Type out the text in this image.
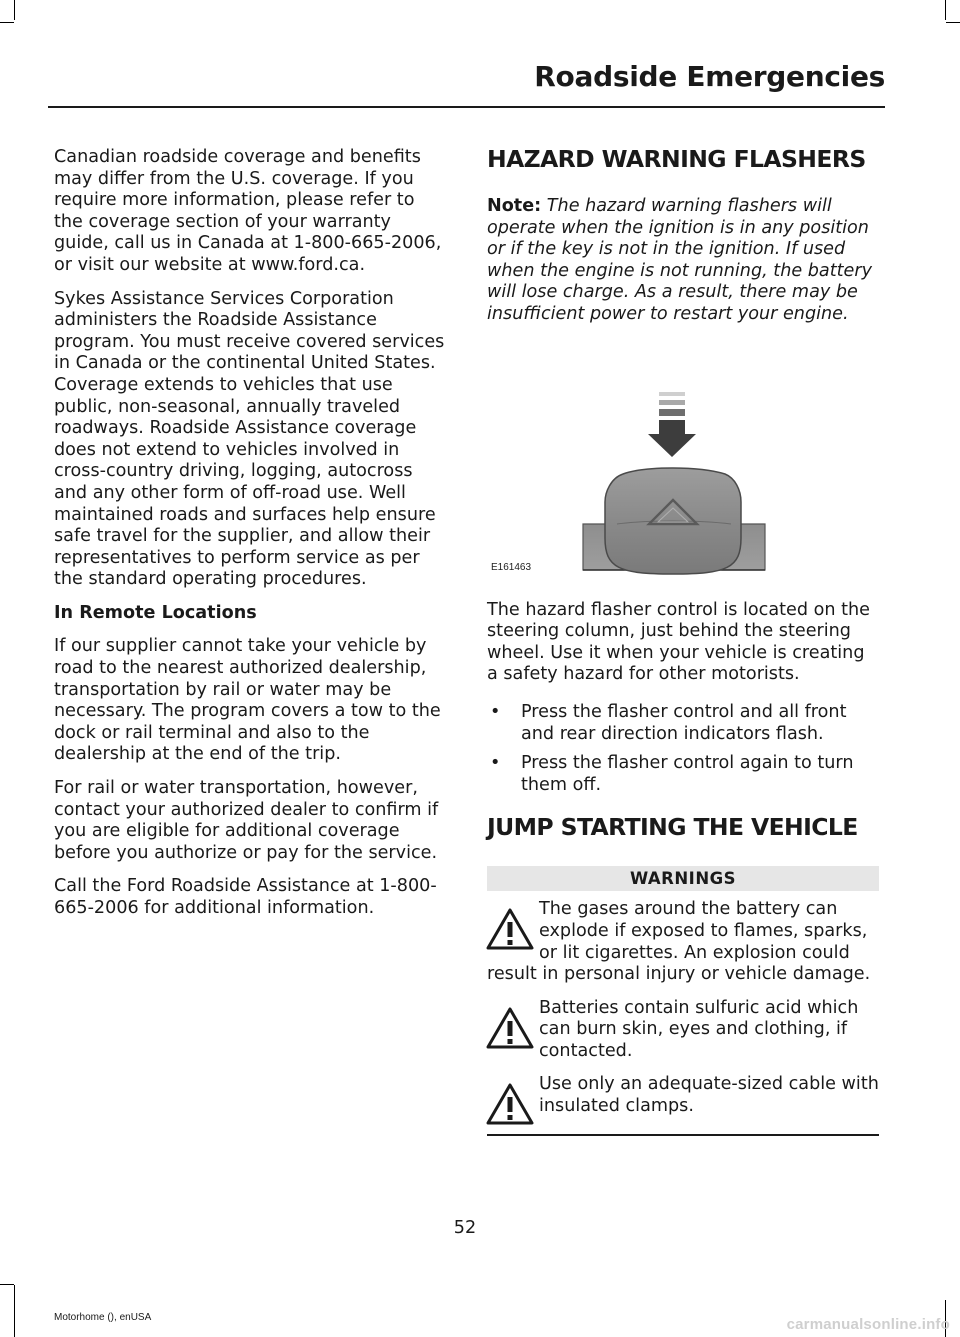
Roadside Emergencies

Canadian roadside coverage and benefits may differ from the U.S. coverage. If you require more information, please refer to the coverage section of your warranty guide, call us in Canada at 1-800-665-2006, or visit our website at www.ford.ca.

Sykes Assistance Services Corporation administers the Roadside Assistance program. You must receive covered services in Canada or the continental United States. Coverage extends to vehicles that use public, non-seasonal, annually traveled roadways. Roadside Assistance coverage does not extend to vehicles involved in cross-country driving, logging, autocross and any other form of off-road use. Well maintained roads and surfaces help ensure safe travel for the supplier, and allow their representatives to perform service as per the standard operating procedures.

In Remote Locations

If our supplier cannot take your vehicle by road to the nearest authorized dealership, transportation by rail or water may be necessary. The program covers a tow to the dock or rail terminal and also to the dealership at the end of the trip.

For rail or water transportation, however, contact your authorized dealer to confirm if you are eligible for additional coverage before you authorize or pay for the service.

Call the Ford Roadside Assistance at 1-800-665-2006 for additional information.

HAZARD WARNING FLASHERS

Note: The hazard warning flashers will operate when the ignition is in any position or if the key is not in the ignition. If used when the engine is not running, the battery will lose charge. As a result, there may be insufficient power to restart your engine.

E161463

The hazard flasher control is located on the steering column, just behind the steering wheel. Use it when your vehicle is creating a safety hazard for other motorists.

• Press the flasher control and all front and rear direction indicators flash.
• Press the flasher control again to turn them off.
JUMP STARTING THE VEHICLE
WARNINGS

The gases around the battery can explode if exposed to flames, sparks, or lit cigarettes. An explosion could result in personal injury or vehicle damage.

Batteries contain sulfuric acid which can burn skin, eyes and clothing, if contacted.

Use only an adequate-sized cable with insulated clamps.

52
Motorhome (), enUSA	carmanualsonline.info
